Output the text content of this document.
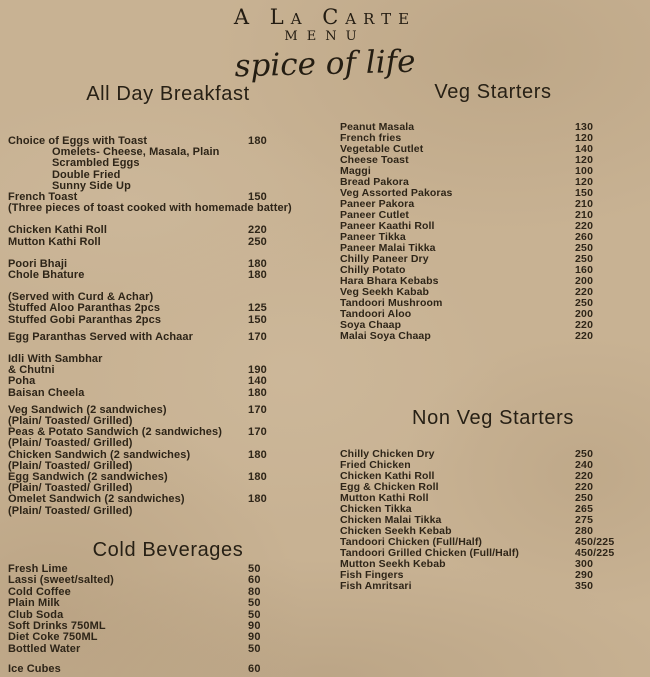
A La Carte
MENU
spice of life
All Day Breakfast
Choice of Eggs with Toast	180
Omelets- Cheese, Masala, Plain
Scrambled Eggs
Double Fried
Sunny Side Up
French Toast	150
(Three pieces of toast cooked with homemade batter)
Chicken Kathi Roll	220
Mutton Kathi Roll	250
Poori Bhaji	180
Chole Bhature	180
(Served with Curd & Achar)
Stuffed Aloo Paranthas 2pcs	125
Stuffed Gobi Paranthas 2pcs	150
Egg Paranthas Served with Achaar	170
Idli With Sambhar
& Chutni	190
Poha	140
Baisan Cheela	180
Veg Sandwich (2 sandwiches)	170
(Plain/ Toasted/ Grilled)
Peas & Potato Sandwich (2 sandwiches) 170
(Plain/ Toasted/ Grilled)
Chicken Sandwich (2 sandwiches)	180
(Plain/ Toasted/ Grilled)
Egg Sandwich (2 sandwiches)	180
(Plain/ Toasted/ Grilled)
Omelet Sandwich (2 sandwiches)	180
(Plain/ Toasted/ Grilled)
Cold Beverages
Fresh Lime	50
Lassi (sweet/salted)	60
Cold Coffee	80
Plain Milk	50
Club Soda	50
Soft Drinks 750ML	90
Diet Coke 750ML	90
Bottled Water	50
Ice Cubes	60
Veg Starters
Peanut Masala	130
French fries	120
Vegetable Cutlet	140
Cheese Toast	120
Maggi	100
Bread Pakora	120
Veg Assorted Pakoras	150
Paneer Pakora	210
Paneer Cutlet	210
Paneer Kaathi Roll	220
Paneer Tikka	260
Paneer Malai Tikka	250
Chilly Paneer Dry	250
Chilly Potato	160
Hara Bhara Kebabs	200
Veg Seekh Kabab	220
Tandoori Mushroom	250
Tandoori Aloo	200
Soya Chaap	220
Malai Soya Chaap	220
Non Veg Starters
Chilly Chicken Dry	250
Fried Chicken	240
Chicken Kathi Roll	220
Egg & Chicken Roll	220
Mutton Kathi Roll	250
Chicken Tikka	265
Chicken Malai Tikka	275
Chicken Seekh Kebab	280
Tandoori Chicken (Full/Half)	450/225
Tandoori Grilled Chicken (Full/Half)	450/225
Mutton Seekh Kebab	300
Fish Fingers	290
Fish Amritsari	350
